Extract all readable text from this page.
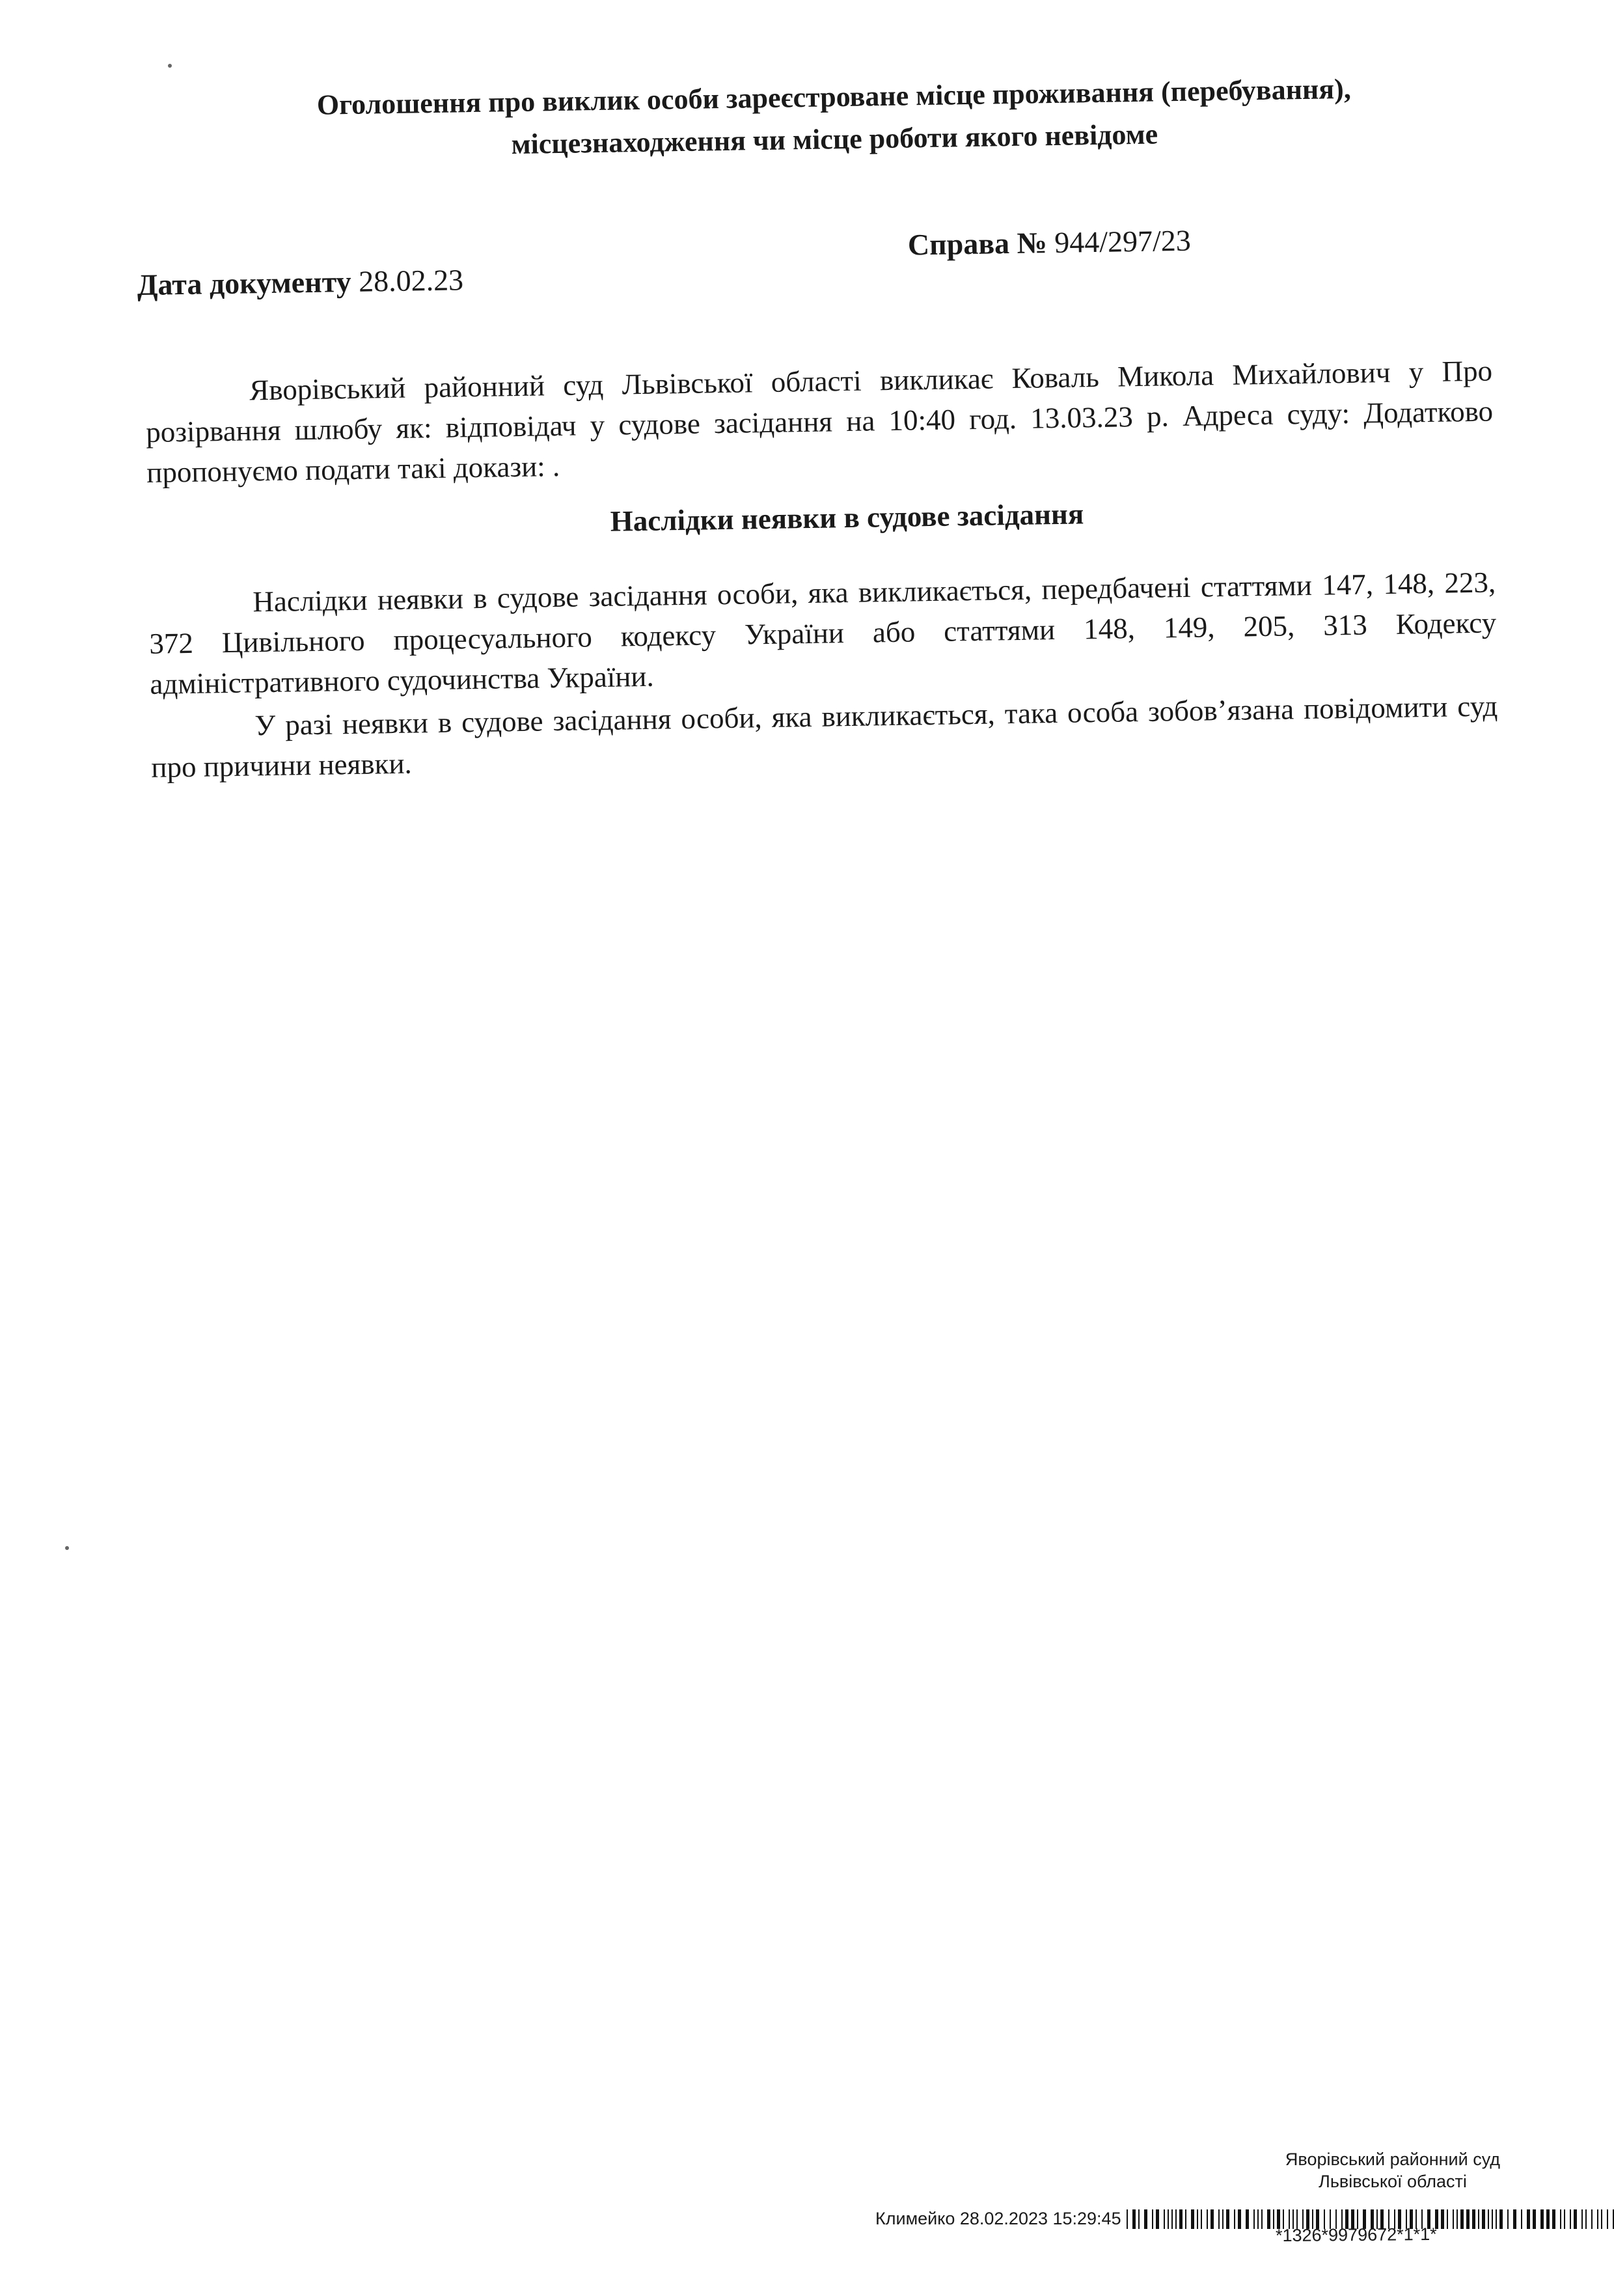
Оголошення про виклик особи зареєстроване місце проживання (перебування),
місцезнаходження чи місце роботи якого невідоме
Справа № 944/297/23
Дата документу 28.02.23
Яворівський районний суд Львівської області викликає Коваль Микола Михайлович у Про розірвання шлюбу як: відповідач у судове засідання на 10:40 год. 13.03.23 р. Адреса суду: Додатково пропонуємо подати такі докази: .
Наслідки неявки в судове засідання
Наслідки неявки в судове засідання особи, яка викликається, передбачені статтями 147, 148, 223, 372 Цивільного процесуального кодексу України або статтями 148, 149, 205, 313 Кодексу адміністративного судочинства України.
У разі неявки в судове засідання особи, яка викликається, така особа зобов’язана повідомити суд про причини неявки.
Яворівський районний суд
Львівської області
Климейко 28.02.2023 15:29:45
*1326*9979672*1*1*
